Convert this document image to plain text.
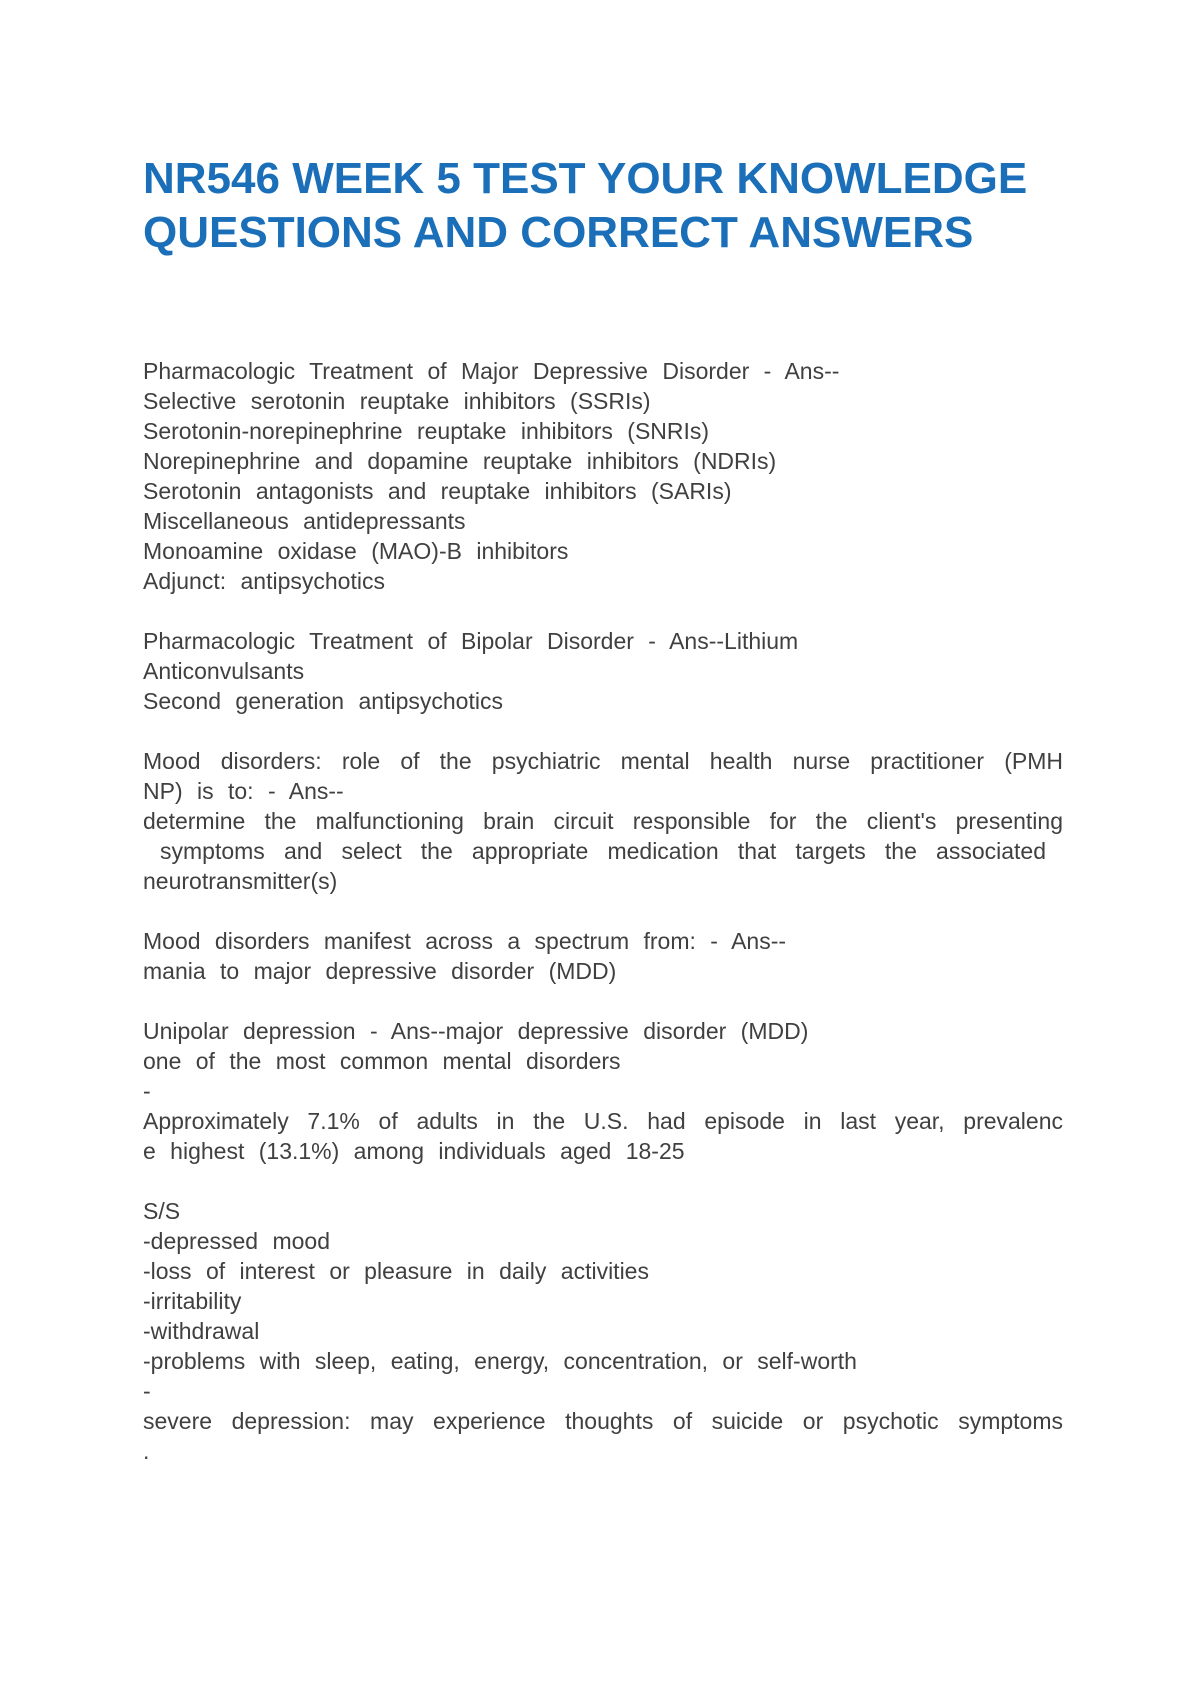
NR546 WEEK 5 TEST YOUR KNOWLEDGE
QUESTIONS AND CORRECT ANSWERS
Pharmacologic Treatment of Major Depressive Disorder - Ans--
Selective serotonin reuptake inhibitors (SSRIs)
Serotonin-norepinephrine reuptake inhibitors (SNRIs)
Norepinephrine and dopamine reuptake inhibitors (NDRIs)
Serotonin antagonists and reuptake inhibitors (SARIs)
Miscellaneous antidepressants
Monoamine oxidase (MAO)-B inhibitors
Adjunct: antipsychotics
Pharmacologic Treatment of Bipolar Disorder - Ans--Lithium
Anticonvulsants
Second generation antipsychotics
Mood disorders: role of the psychiatric mental health nurse practitioner (PMH
NP) is to: - Ans--
determine the malfunctioning brain circuit responsible for the client's presenting
symptoms and select the appropriate medication that targets the associated
neurotransmitter(s)
Mood disorders manifest across a spectrum from: - Ans--
mania to major depressive disorder (MDD)
Unipolar depression - Ans--major depressive disorder (MDD)
one of the most common mental disorders
-
Approximately 7.1% of adults in the U.S. had episode in last year, prevalenc
e highest (13.1%) among individuals aged 18-25
S/S
-depressed mood
-loss of interest or pleasure in daily activities
-irritability
-withdrawal
-problems with sleep, eating, energy, concentration, or self-worth
-
severe depression: may experience thoughts of suicide or psychotic symptoms
.
